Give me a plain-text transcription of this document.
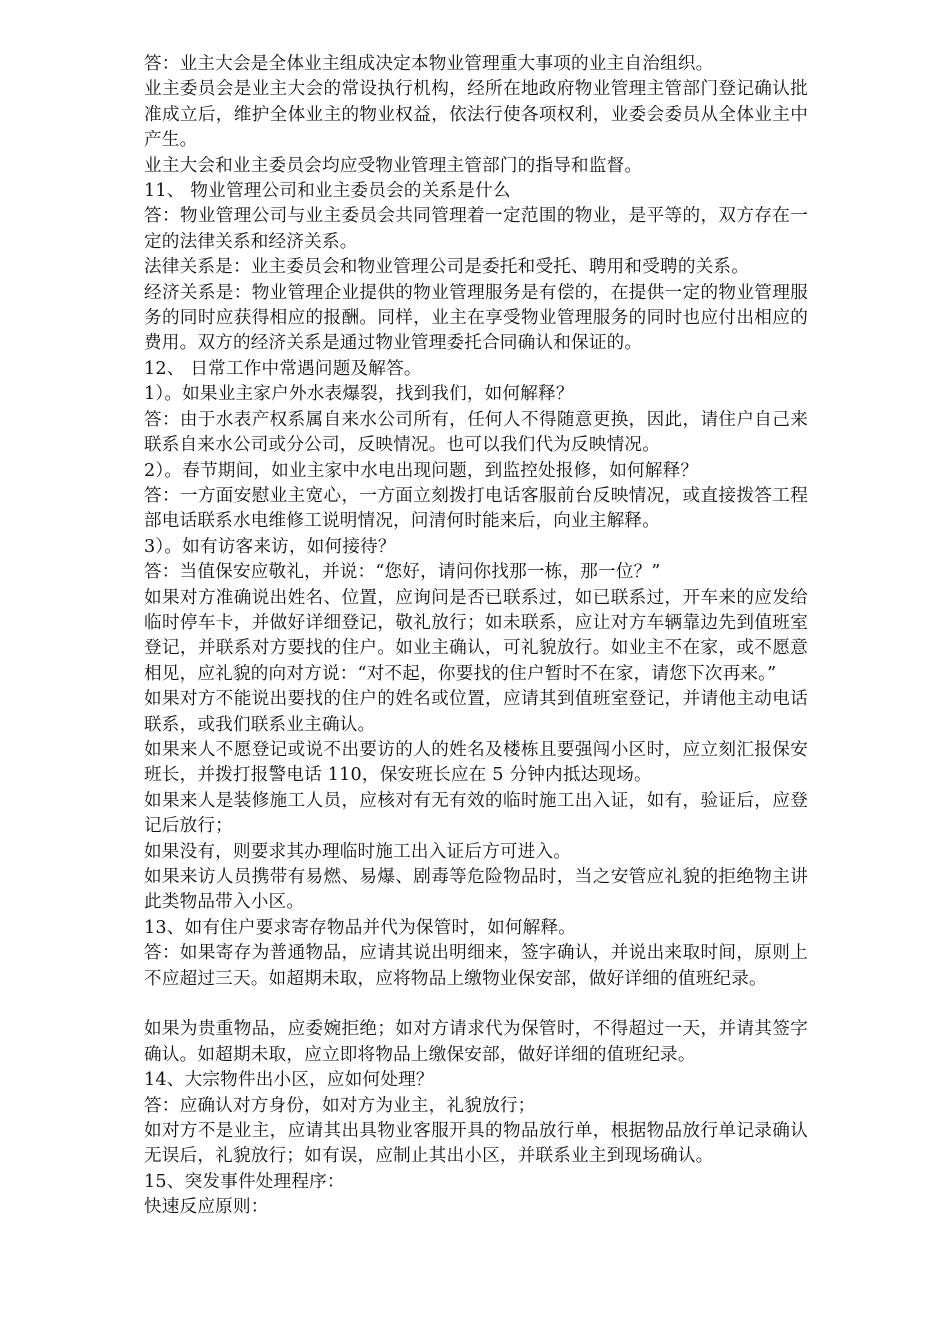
答：业主大会是全体业主组成决定本物业管理重大事项的业主自治组织。

业主委员会是业主大会的常设执行机构，经所在地政府物业管理主管部门登记确认批准成立后，维护全体业主的物业权益，依法行使各项权利，业委会委员从全体业主中产生。

业主大会和业主委员会均应受物业管理主管部门的指导和监督。

11、 物业管理公司和业主委员会的关系是什么

答：物业管理公司与业主委员会共同管理着一定范围的物业，是平等的，双方存在一定的法律关系和经济关系。

法律关系是：业主委员会和物业管理公司是委托和受托、聘用和受聘的关系。

经济关系是：物业管理企业提供的物业管理服务是有偿的，在提供一定的物业管理服务的同时应获得相应的报酬。同样，业主在享受物业管理服务的同时也应付出相应的费用。双方的经济关系是通过物业管理委托合同确认和保证的。

12、 日常工作中常遇问题及解答。

1）。如果业主家户外水表爆裂，找到我们，如何解释？

答：由于水表产权系属自来水公司所有，任何人不得随意更换，因此，请住户自己来联系自来水公司或分公司，反映情况。也可以我们代为反映情况。

2）。春节期间，如业主家中水电出现问题，到监控处报修，如何解释？

答：一方面安慰业主宽心，一方面立刻拨打电话客服前台反映情况，或直接拨答工程部电话联系水电维修工说明情况，问清何时能来后，向业主解释。

3）。如有访客来访，如何接待？

答：当值保安应敬礼，并说：“您好，请问你找那一栋，那一位？”

如果对方准确说出姓名、位置，应询问是否已联系过，如已联系过，开车来的应发给临时停车卡，并做好详细登记，敬礼放行；如未联系，应让对方车辆靠边先到值班室登记，并联系对方要找的住户。如业主确认，可礼貌放行。如业主不在家，或不愿意相见，应礼貌的向对方说：“对不起，你要找的住户暂时不在家，请您下次再来。”

如果对方不能说出要找的住户的姓名或位置，应请其到值班室登记，并请他主动电话联系，或我们联系业主确认。

如果来人不愿登记或说不出要访的人的姓名及楼栋且要强闯小区时，应立刻汇报保安班长，并拨打报警电话 110，保安班长应在 5 分钟内抵达现场。

如果来人是装修施工人员，应核对有无有效的临时施工出入证，如有，验证后，应登记后放行；

如果没有，则要求其办理临时施工出入证后方可进入。

如果来访人员携带有易燃、易爆、剧毒等危险物品时，当之安管应礼貌的拒绝物主讲此类物品带入小区。

13、如有住户要求寄存物品并代为保管时，如何解释。

答：如果寄存为普通物品，应请其说出明细来，签字确认，并说出来取时间，原则上不应超过三天。如超期未取，应将物品上缴物业保安部，做好详细的值班纪录。

如果为贵重物品，应委婉拒绝；如对方请求代为保管时，不得超过一天，并请其签字确认。如超期未取，应立即将物品上缴保安部，做好详细的值班纪录。

14、大宗物件出小区，应如何处理？

答：应确认对方身份，如对方为业主，礼貌放行；

如对方不是业主，应请其出具物业客服开具的物品放行单，根据物品放行单记录确认无误后，礼貌放行；如有误，应制止其出小区，并联系业主到现场确认。

15、突发事件处理程序：

快速反应原则：
